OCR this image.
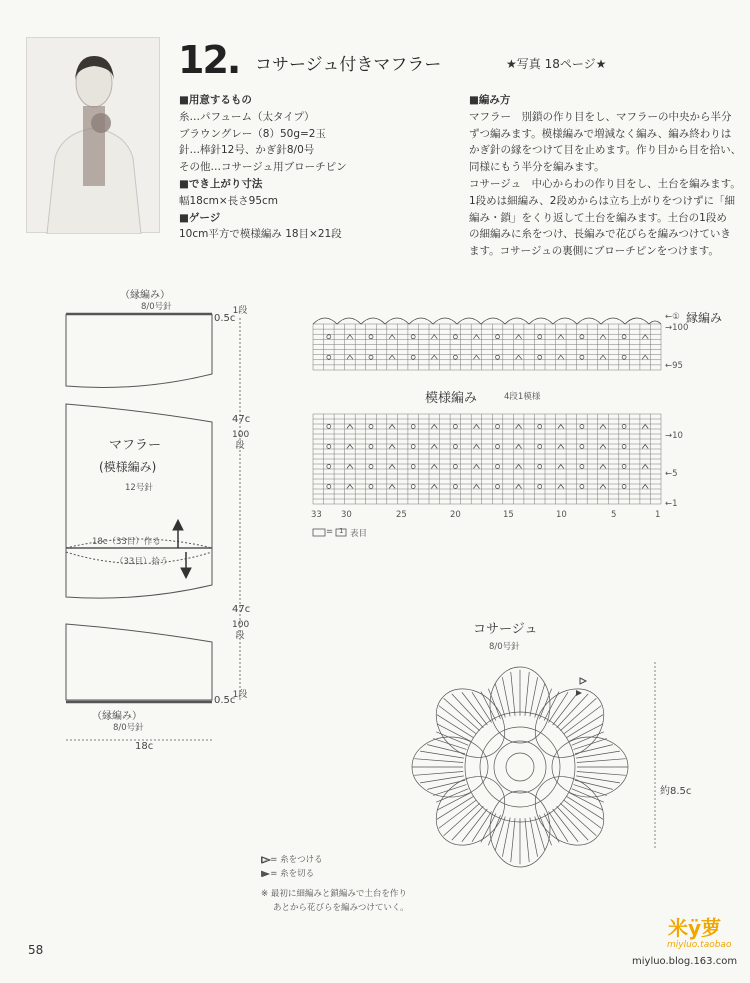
12. コサージュ付きマフラー	★写真 18ページ★
■用意するもの
糸…パフューム（太タイプ）
ブラウングレー（8）50g=2玉
針…棒針12号、かぎ針8/0号
その他…コサージュ用ブローチピン
■でき上がり寸法
幅18cm×長さ95cm
■ゲージ
10cm平方で模様編み 18目×21段
■編み方
マフラー　別鎖の作り目をし、マフラーの中央から半分
ずつ編みます。模様編みで増減なく編み、編み終わりは
かぎ針の縁をつけて目を止めます。作り目から目を拾い、
同様にもう半分を編みます。
コサージュ　中心からわの作り目をし、土台を編みます。
1段めは細編み、2段めからは立ち上がりをつけずに「細
編み・鎖」をくり返して土台を編みます。土台の1段め
の細編みに糸をつけ、長編みで花びらを編みつけていき
ます。コサージュの裏側にブローチピンをつけます。
（縁編み）
8/0号針
0.5c
1段
47c
100段
マフラー
(模様編み)
12号針
18c（33目）作る
（33目）拾う
47c
100段
0.5c
1段
（縁編み）
8/0号針
18c
模様編み	4段1模様
縁編み
←①
→100
←95
→10
←5
←1
33 30	25	20	15	10	5	1
= 1 表目
コサージュ
8/0号針
約8.5c
▷ = 糸をつける
▶ = 糸を切る
※ 最初に細編みと鎖編みで土台を作り
あとから花びらを編みつけていく。
58
米ÿ萝
miyluo.taobao
miyluo.blog.163.com
